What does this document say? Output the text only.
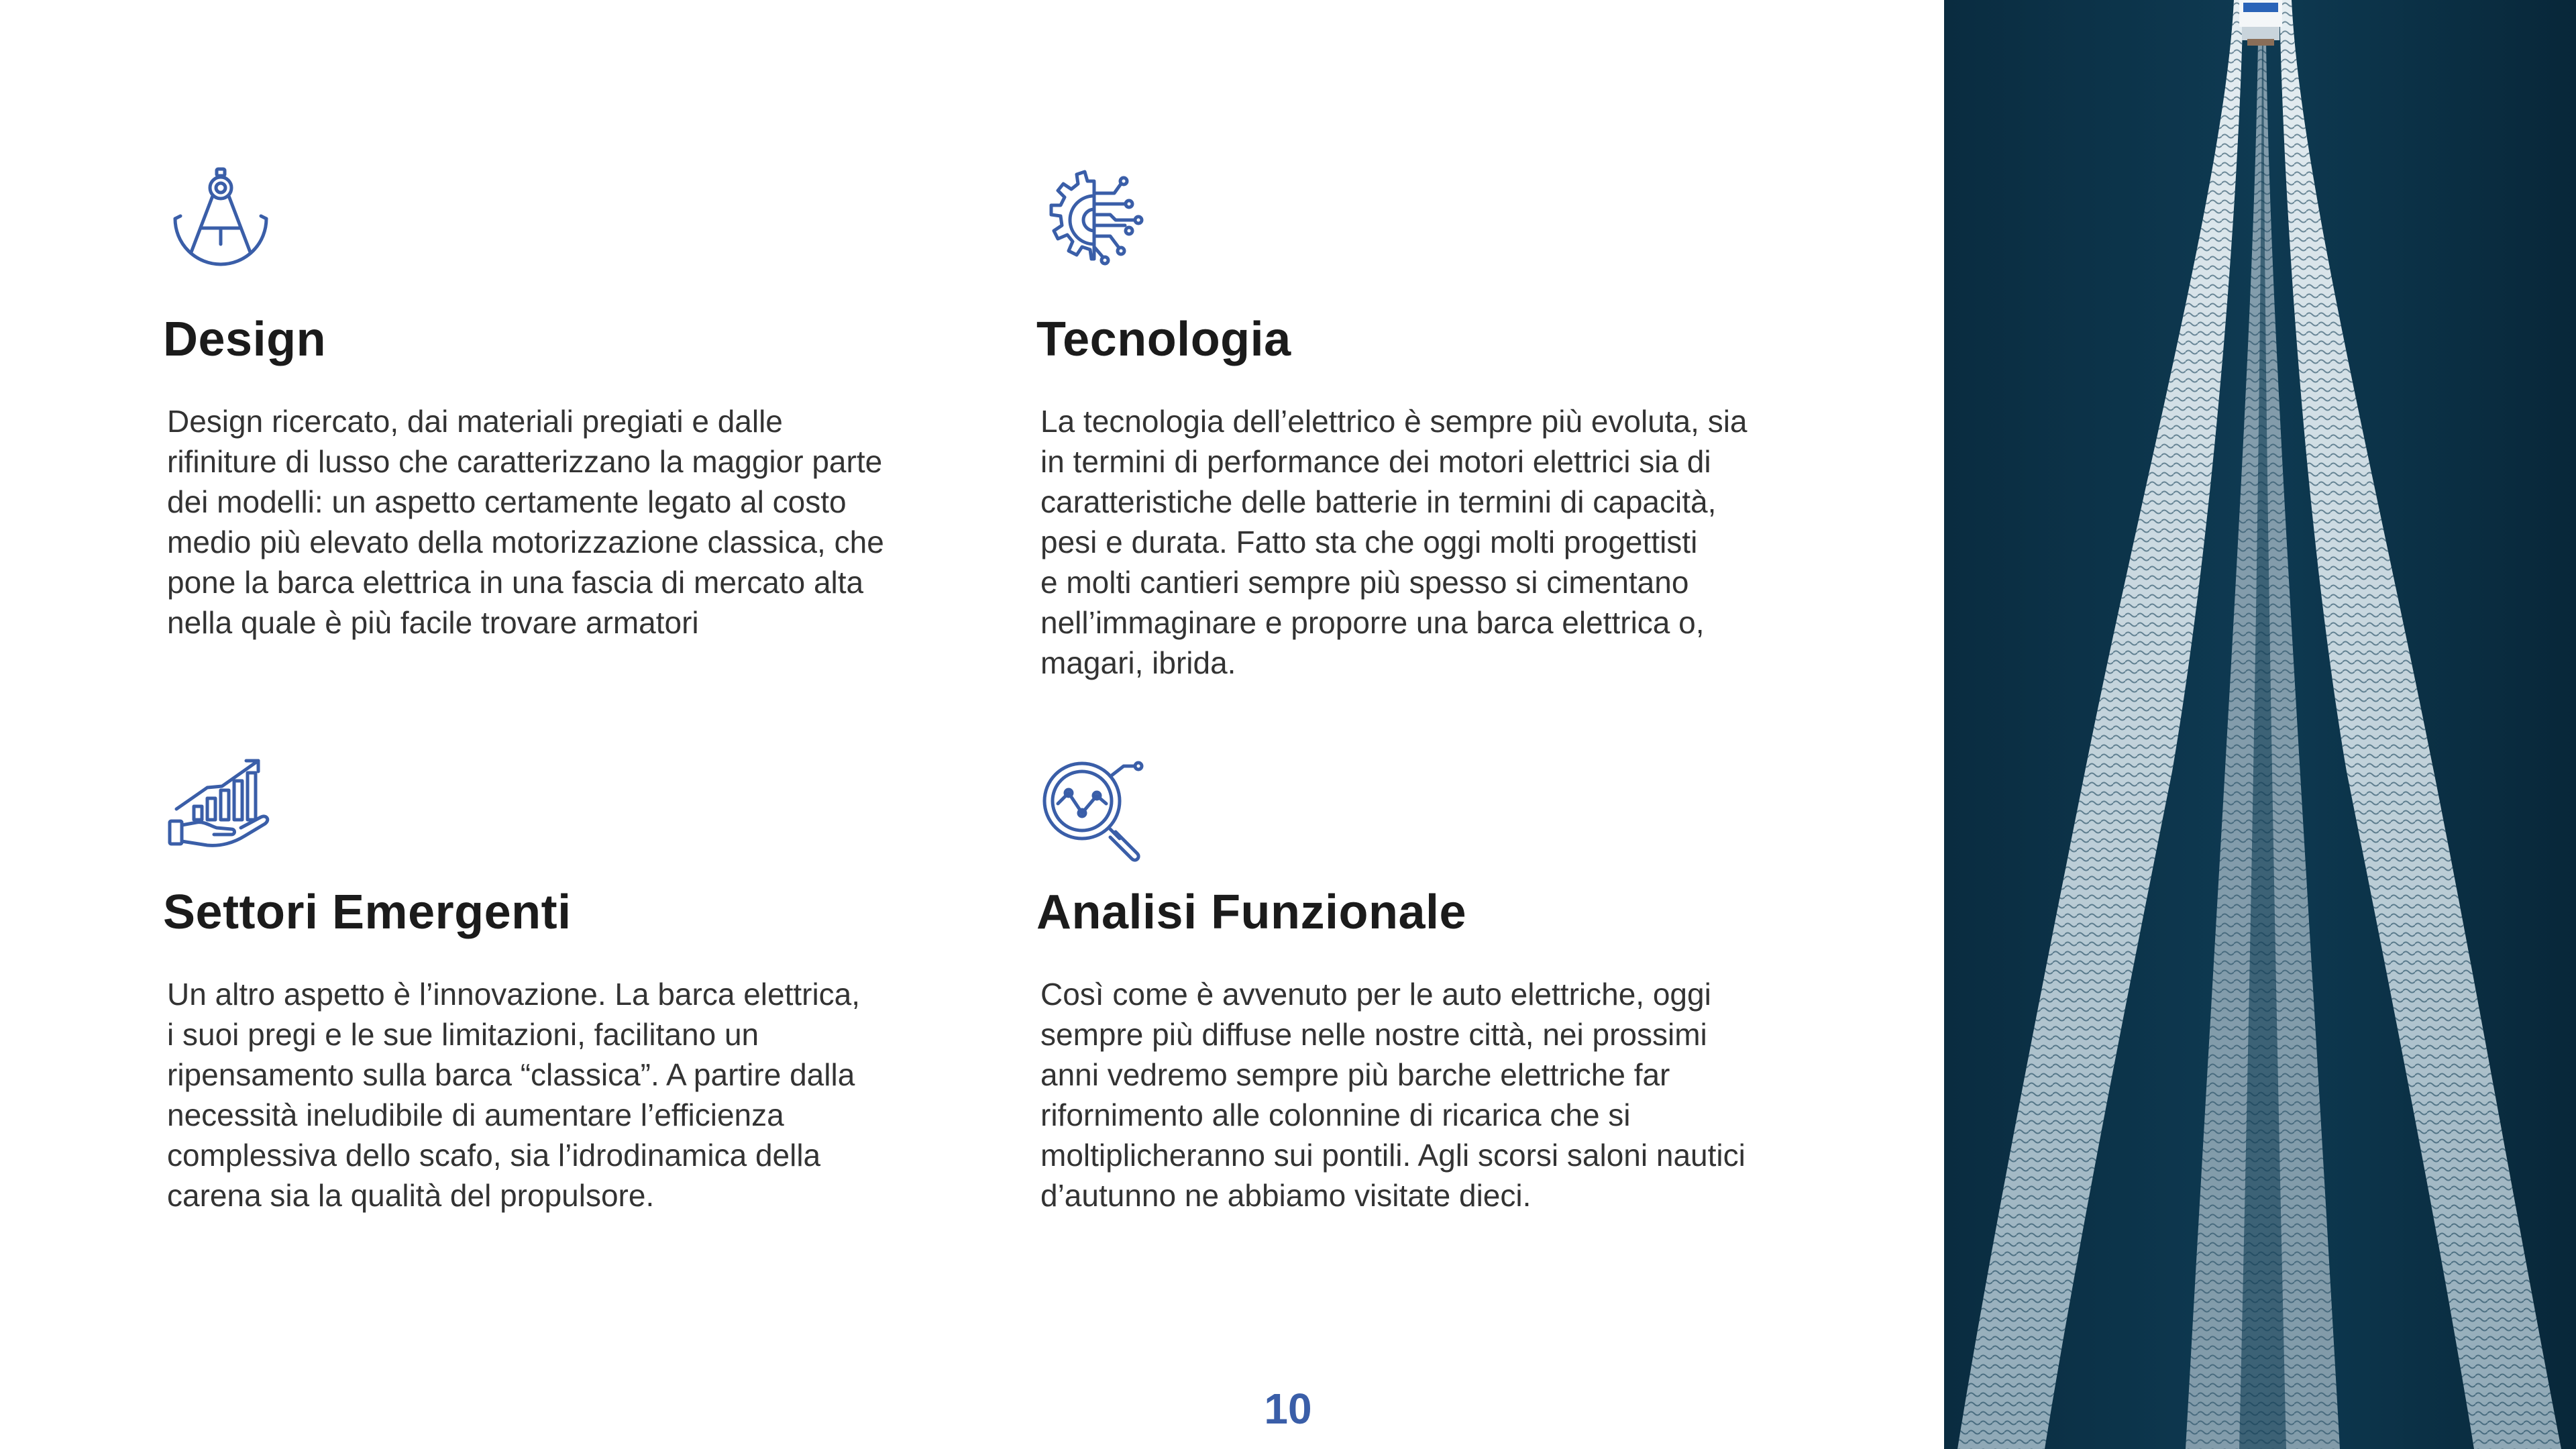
Design

Design ricercato, dai materiali pregiati e dalle
rifiniture di lusso che caratterizzano la maggior parte
dei modelli: un aspetto certamente legato al costo
medio più elevato della motorizzazione classica, che
pone la barca elettrica in una fascia di mercato alta
nella quale è più facile trovare armatori

Tecnologia

La tecnologia dell’elettrico è sempre più evoluta, sia
in termini di performance dei motori elettrici sia di
caratteristiche delle batterie in termini di capacità,
pesi e durata. Fatto sta che oggi molti progettisti
e molti cantieri sempre più spesso si cimentano
nell’immaginare e proporre una barca elettrica o,
magari, ibrida.

Settori Emergenti

Un altro aspetto è l’innovazione. La barca elettrica,
i suoi pregi e le sue limitazioni, facilitano un
ripensamento sulla barca “classica”. A partire dalla
necessità ineludibile di aumentare l’efficienza
complessiva dello scafo, sia l’idrodinamica della
carena sia la qualità del propulsore.

Analisi Funzionale

Così come è avvenuto per le auto elettriche, oggi
sempre più diffuse nelle nostre città, nei prossimi
anni vedremo sempre più barche elettriche far
rifornimento alle colonnine di ricarica che si
moltiplicheranno sui pontili. Agli scorsi saloni nautici
d’autunno ne abbiamo visitate dieci.

10
